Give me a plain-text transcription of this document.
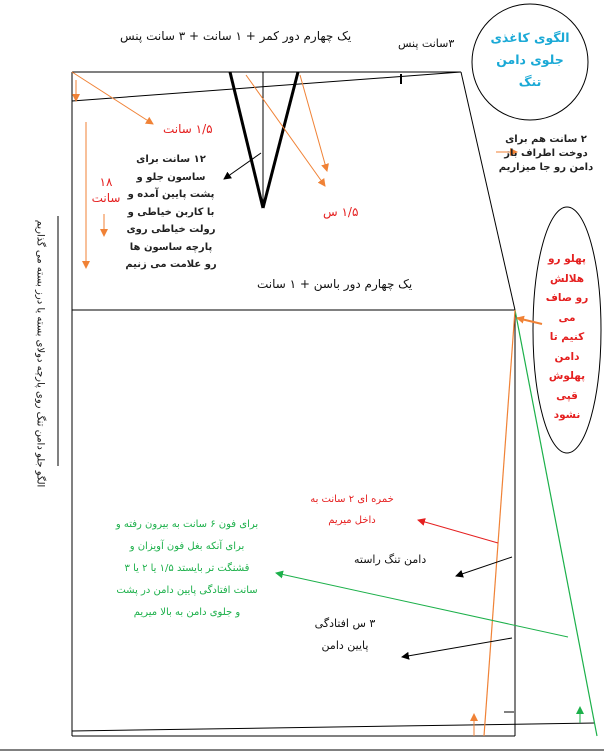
الگوی کاغذی
جلوی دامن
تنگ
یک چهارم دور کمر + ۱ سانت + ۳ سانت پنس
۳سانت پنس
۱/۵ سانت
۱/۵ س
۱۸
سانت
۱۲ سانت برای
ساسون جلو و
پشت پایین آمده و
با کاربن خیاطی و
رولت خیاطی روی
پارچه ساسون ها
رو علامت می زنیم
یک چهارم دور باسن + ۱ سانت
۲ سانت هم برای
دوخت اطراف باز
دامن رو جا میزاریم
پهلو رو
هلالش
رو صاف
می
کنیم تا
دامن
پهلوش
قپی
نشود
الگو جلو دامن تنگ روی پارچه دولای بسته یا درز بسته می گذاریم
خمره ای ۲ سانت به
داخل میریم
دامن تنگ راسته
برای فون ۶ سانت به بیرون رفته و
برای آنکه بغل فون آویزان و
قشنگت تر بایستد ۱/۵ یا ۲ یا ۳
سانت افتادگی پایین دامن در پشت
و جلوی دامن به بالا میریم
۳ س افتادگی
پایین دامن
